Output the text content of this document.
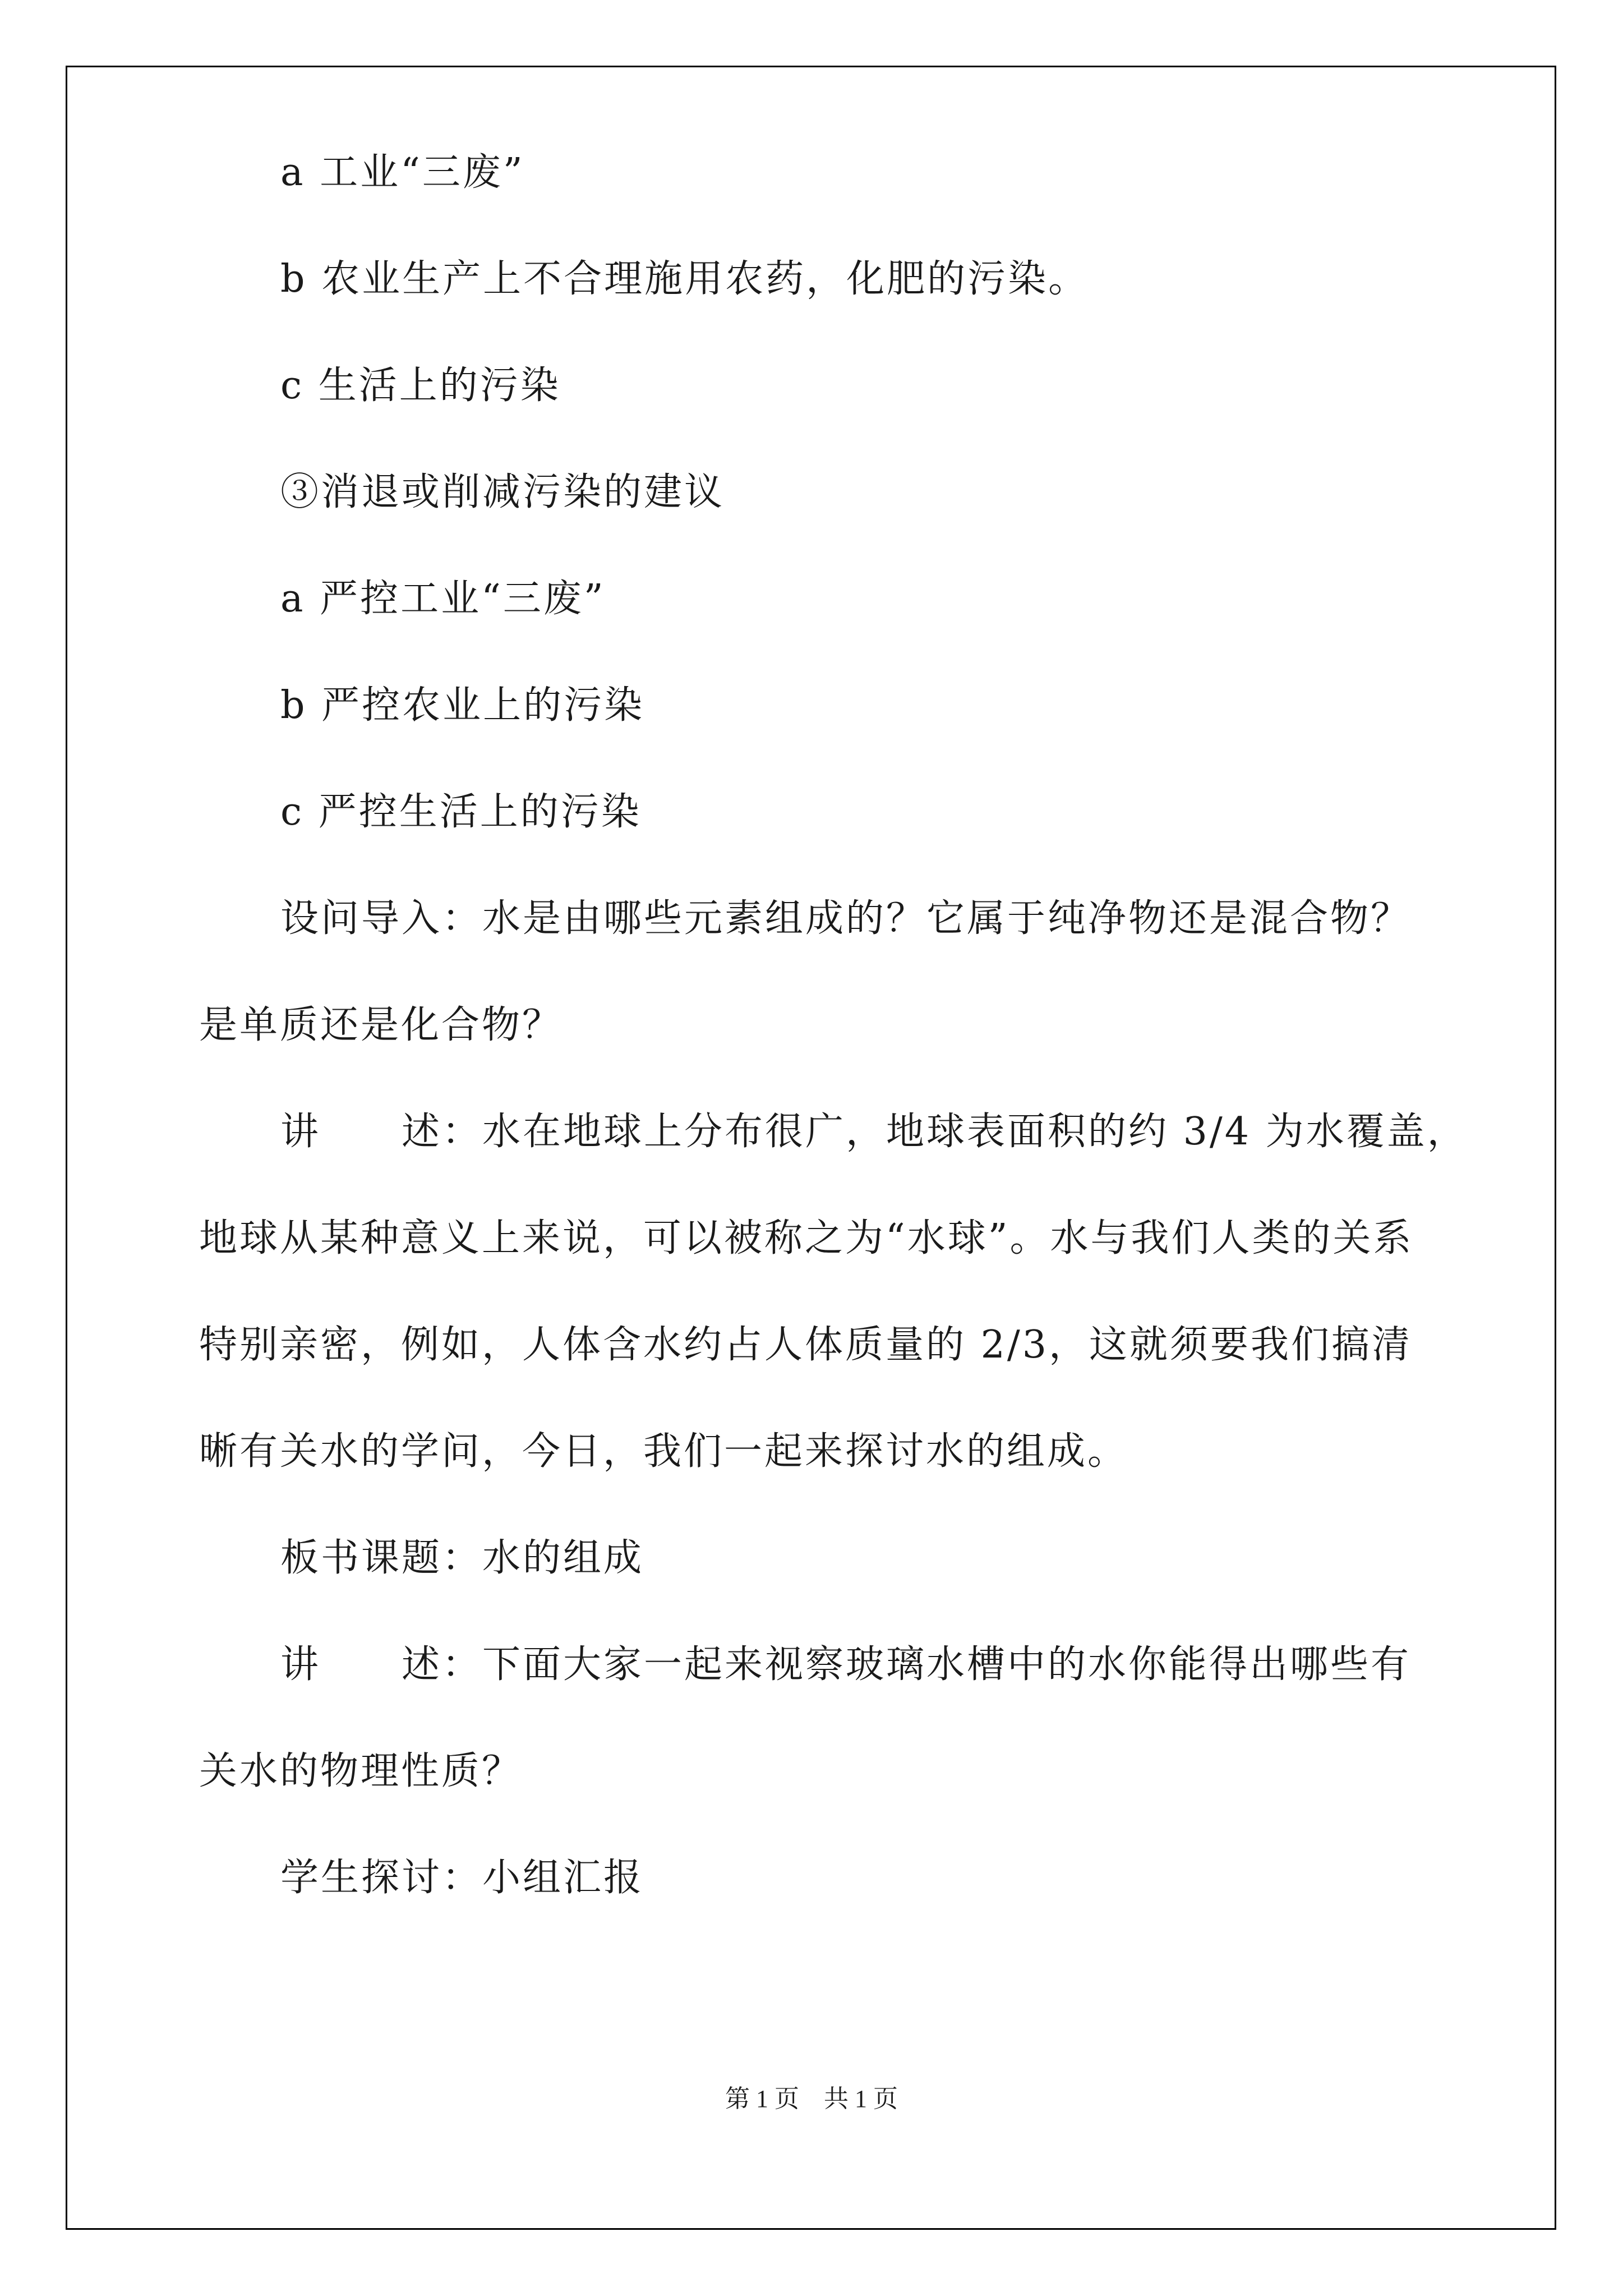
a 工业“三废”
b 农业生产上不合理施用农药，化肥的污染。
c 生活上的污染
③消退或削减污染的建议
a 严控工业“三废”
b 严控农业上的污染
c 严控生活上的污染
设问导入：水是由哪些元素组成的？它属于纯净物还是混合物？
是单质还是化合物？
讲　　述：水在地球上分布很广，地球表面积的约 3/4 为水覆盖，
地球从某种意义上来说，可以被称之为“水球”。水与我们人类的关系
特别亲密，例如，人体含水约占人体质量的 2/3，这就须要我们搞清
晰有关水的学问，今日，我们一起来探讨水的组成。
板书课题：水的组成
讲　　述：下面大家一起来视察玻璃水槽中的水你能得出哪些有
关水的物理性质？
学生探讨：小组汇报
第 1 页　共 1 页
